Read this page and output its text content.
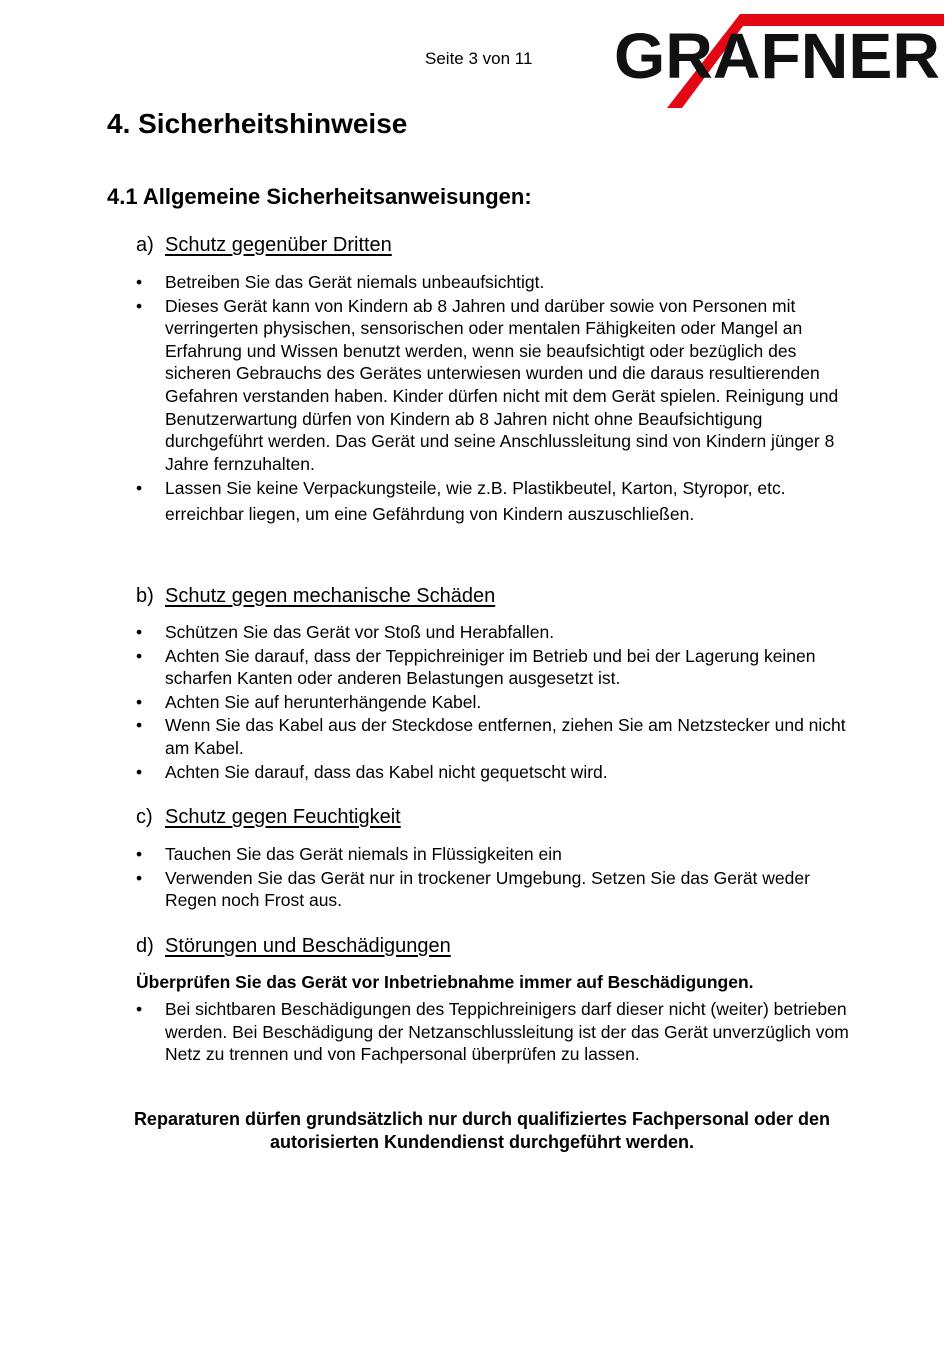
Seite 3 von 11 GRAFNER
4. Sicherheitshinweise
4.1 Allgemeine Sicherheitsanweisungen:
a) Schutz gegenüber Dritten
•	Betreiben Sie das Gerät niemals unbeaufsichtigt.
•	Dieses Gerät kann von Kindern ab 8 Jahren und darüber sowie von Personen mit verringerten physischen, sensorischen oder mentalen Fähigkeiten oder Mangel an Erfahrung und Wissen benutzt werden, wenn sie beaufsichtigt oder bezüglich des sicheren Gebrauchs des Gerätes unterwiesen wurden und die daraus resultierenden Gefahren verstanden haben. Kinder dürfen nicht mit dem Gerät spielen. Reinigung und Benutzerwartung dürfen von Kindern ab 8 Jahren nicht ohne Beaufsichtigung durchgeführt werden. Das Gerät und seine Anschlussleitung sind von Kindern jünger 8 Jahre fernzuhalten.
•	Lassen Sie keine Verpackungsteile, wie z.B. Plastikbeutel, Karton, Styropor, etc. erreichbar liegen, um eine Gefährdung von Kindern auszuschließen.
b) Schutz gegen mechanische Schäden
•	Schützen Sie das Gerät vor Stoß und Herabfallen.
•	Achten Sie darauf, dass der Teppichreiniger im Betrieb und bei der Lagerung keinen scharfen Kanten oder anderen Belastungen ausgesetzt ist.
•	Achten Sie auf herunterhängende Kabel.
•	Wenn Sie das Kabel aus der Steckdose entfernen, ziehen Sie am Netzstecker und nicht am Kabel.
•	Achten Sie darauf, dass das Kabel nicht gequetscht wird.
c) Schutz gegen Feuchtigkeit
•	Tauchen Sie das Gerät niemals in Flüssigkeiten ein
•	Verwenden Sie das Gerät nur in trockener Umgebung. Setzen Sie das Gerät weder Regen noch Frost aus.
d) Störungen und Beschädigungen

Überprüfen Sie das Gerät vor Inbetriebnahme immer auf Beschädigungen.

•	Bei sichtbaren Beschädigungen des Teppichreinigers darf dieser nicht (weiter) betrieben werden. Bei Beschädigung der Netzanschlussleitung ist der das Gerät unverzüglich vom Netz zu trennen und von Fachpersonal überprüfen zu lassen.

Reparaturen dürfen grundsätzlich nur durch qualifiziertes Fachpersonal oder den autorisierten Kundendienst durchgeführt werden.
